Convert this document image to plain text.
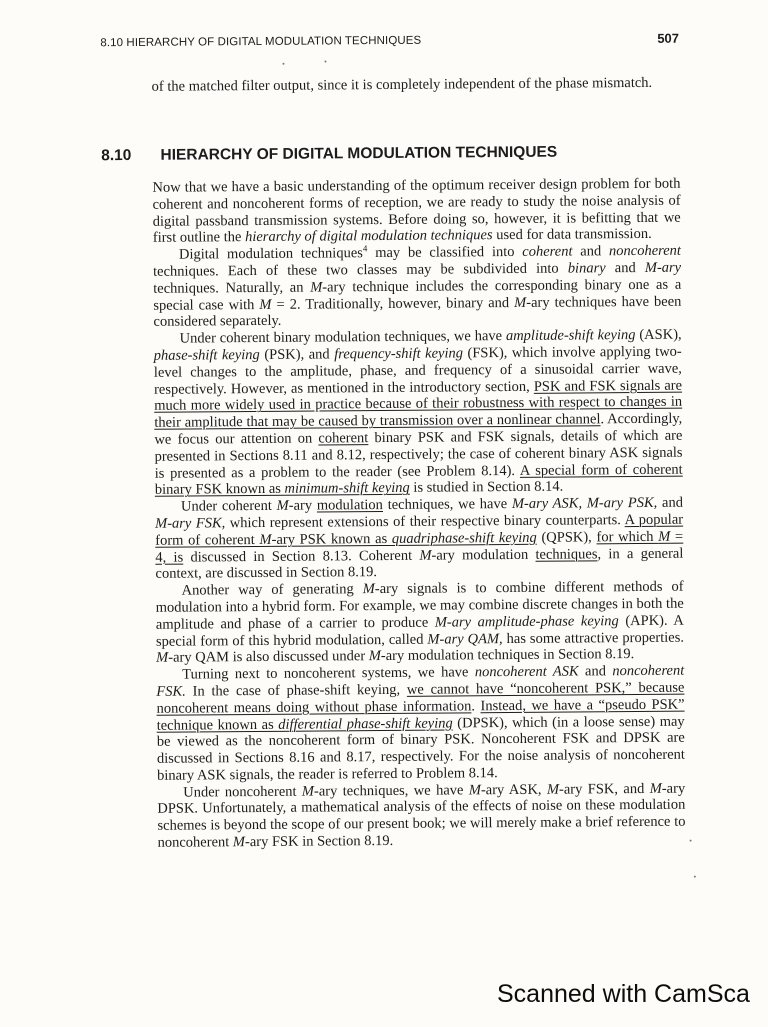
8.10 HIERARCHY OF DIGITAL MODULATION TECHNIQUES	507
of the matched filter output, since it is completely independent of the phase mismatch.
8.10 HIERARCHY OF DIGITAL MODULATION TECHNIQUES

Now that we have a basic understanding of the optimum receiver design problem for both coherent and noncoherent forms of reception, we are ready to study the noise analysis of digital passband transmission systems. Before doing so, however, it is befitting that we first outline the hierarchy of digital modulation techniques used for data transmission.

Digital modulation techniques$^4$ may be classified into coherent and noncoherent techniques. Each of these two classes may be subdivided into binary and M-ary techniques. Naturally, an M-ary technique includes the corresponding binary one as a special case with M = 2. Traditionally, however, binary and M-ary techniques have been considered separately.

Under coherent binary modulation techniques, we have amplitude-shift keying (ASK), phase-shift keying (PSK), and frequency-shift keying (FSK), which involve applying two-level changes to the amplitude, phase, and frequency of a sinusoidal carrier wave, respectively. However, as mentioned in the introductory section, PSK and FSK signals are much more widely used in practice because of their robustness with respect to changes in their amplitude that may be caused by transmission over a nonlinear channel. Accordingly, we focus our attention on coherent binary PSK and FSK signals, details of which are presented in Sections 8.11 and 8.12, respectively; the case of coherent binary ASK signals is presented as a problem to the reader (see Problem 8.14). A special form of coherent binary FSK known as minimum-shift keying is studied in Section 8.14.

Under coherent M-ary modulation techniques, we have M-ary ASK, M-ary PSK, and M-ary FSK, which represent extensions of their respective binary counterparts. A popular form of coherent M-ary PSK known as quadriphase-shift keying (QPSK), for which M = 4, is discussed in Section 8.13. Coherent M-ary modulation techniques, in a general context, are discussed in Section 8.19.

Another way of generating M-ary signals is to combine different methods of modulation into a hybrid form. For example, we may combine discrete changes in both the amplitude and phase of a carrier to produce M-ary amplitude-phase keying (APK). A special form of this hybrid modulation, called M-ary QAM, has some attractive properties. M-ary QAM is also discussed under M-ary modulation techniques in Section 8.19.

Turning next to noncoherent systems, we have noncoherent ASK and noncoherent FSK. In the case of phase-shift keying, we cannot have “noncoherent PSK,” because noncoherent means doing without phase information. Instead, we have a “pseudo PSK” technique known as differential phase-shift keying (DPSK), which (in a loose sense) may be viewed as the noncoherent form of binary PSK. Noncoherent FSK and DPSK are discussed in Sections 8.16 and 8.17, respectively. For the noise analysis of noncoherent binary ASK signals, the reader is referred to Problem 8.14.

Under noncoherent M-ary techniques, we have M-ary ASK, M-ary FSK, and M-ary DPSK. Unfortunately, a mathematical analysis of the effects of noise on these modulation schemes is beyond the scope of our present book; we will merely make a brief reference to noncoherent M-ary FSK in Section 8.19.

Scanned with CamSca
